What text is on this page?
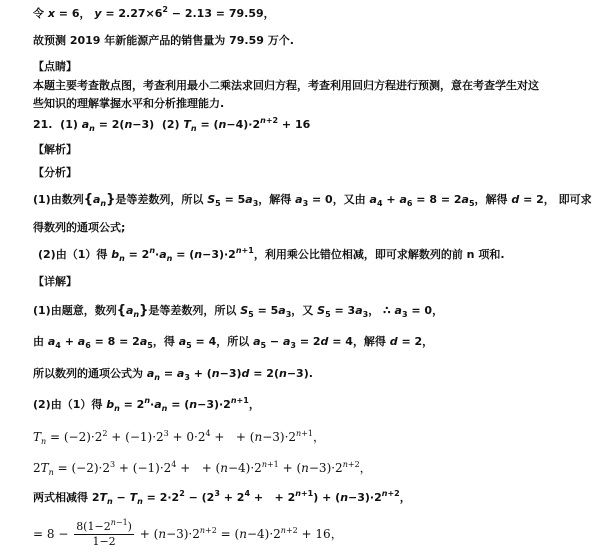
令 x = 6， $y = 2.27\times 6^2 - 2.13 = 79.59$，
故预测 2019 年新能源产品的销售量为 79.59 万个.
【点睛】
本题主要考查散点图，考查利用最小二乘法求回归方程，考查利用回归方程进行预测，意在考查学生对这
些知识的理解掌握水平和分析推理能力.
21. (1) $a_n = 2(n-3)$  (2) $T_n = (n-4)\cdot 2^{n+2} + 16$
【解析】
【分析】
(1)由数列$\{a_n\}$是等差数列，所以 $S_5 = 5a_3$，解得 $a_3 = 0$，又由 $a_4 + a_6 = 8 = 2a_5$，解得 d = 2， 即可求
得数列的通项公式;
(2)由（1）得 $b_n = 2^n\cdot a_n = (n-3)\cdot 2^{n+1}$，利用乘公比错位相减，即可求解数列的前 n 项和.
【详解】
(1)由题意，数列$\{a_n\}$是等差数列，所以 $S_5 = 5a_3$，又 $S_5 = 3a_3$， ∴ $a_3 = 0$，
由 $a_4 + a_6 = 8 = 2a_5$，得 $a_5 = 4$，所以 $a_5 - a_3 = 2d = 4$，解得 d = 2，
所以数列的通项公式为 $a_n = a_3 + (n-3)d = 2(n-3)$.
(2)由（1）得 $b_n = 2^n\cdot a_n = (n-3)\cdot 2^{n+1}$，
$T_n = (-2)\cdot 2^2 + (-1)\cdot 2^3 + 0\cdot 2^4$ +   + $(n-3)\cdot 2^{n+1}$，
$2T_n = (-2)\cdot 2^3 + (-1)\cdot 2^4$ +   + $(n-4)\cdot 2^{n+1} + (n-3)\cdot 2^{n+2}$，
两式相减得 $2T_n - T_n = 2\cdot 2^2 - (2^3 + 2^4$ +   + $2^{n+1}) + (n-3)\cdot 2^{n+2}$，
= $8 - \frac{8(1-2^{n-1})}{1-2} + (n-3)\cdot 2^{n+2} = (n-4)\cdot 2^{n+2} + 16$，
